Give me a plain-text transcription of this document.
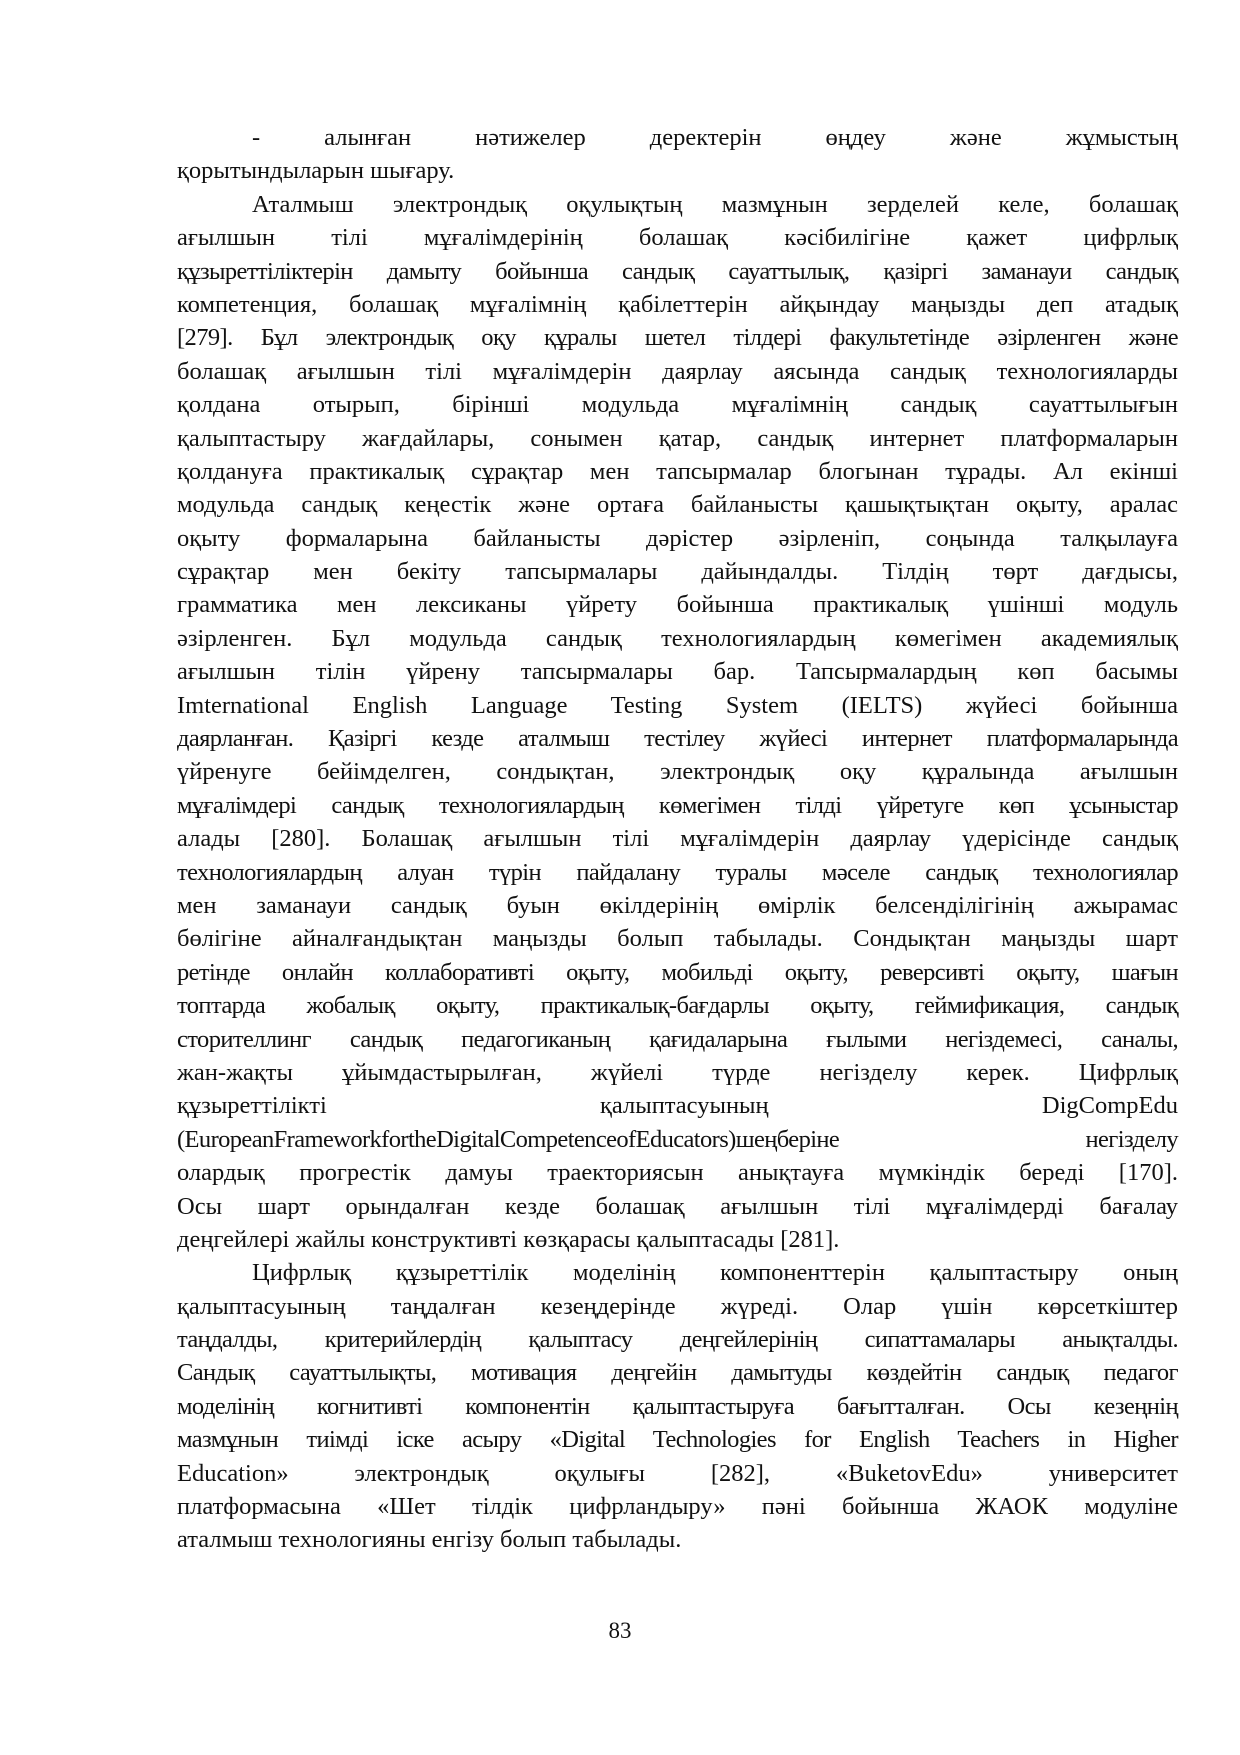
- алынған нәтижелер деректерін өңдеу және жұмыстың
қорытындыларын шығару.
Аталмыш электрондық оқулықтың мазмұнын зерделей келе, болашақ
ағылшын тілі мұғалімдерінің болашақ кәсібилігіне қажет цифрлық
құзыреттіліктерін дамыту бойынша сандық сауаттылық, қазіргі заманауи сандық
компетенция, болашақ мұғалімнің қабілеттерін айқындау маңызды деп атадық
[279]. Бұл электрондық оқу құралы шетел тілдері факультетінде әзірленген және
болашақ ағылшын тілі мұғалімдерін даярлау аясында сандық технологияларды
қолдана отырып, бірінші модульда мұғалімнің сандық сауаттылығын
қалыптастыру жағдайлары, сонымен қатар, сандық интернет платформаларын
қолдануға практикалық сұрақтар мен тапсырмалар блогынан тұрады. Ал екінші
модульда сандық кеңестік және ортаға байланысты қашықтықтан оқыту, аралас
оқыту формаларына байланысты дәрістер әзірленіп, соңында талқылауға
сұрақтар мен бекіту тапсырмалары дайындалды. Тілдің төрт дағдысы,
грамматика мен лексиканы үйрету бойынша практикалық үшінші модуль
әзірленген. Бұл модульда сандық технологиялардың көмегімен академиялық
ағылшын тілін үйрену тапсырмалары бар. Тапсырмалардың көп басымы
Imternational English Language Testing System (IELTS) жүйесі бойынша
даярланған. Қазіргі кезде аталмыш тестілеу жүйесі интернет платформаларында
үйренуге бейімделген, сондықтан, электрондық оқу құралында ағылшын
мұғалімдері сандық технологиялардың көмегімен тілді үйретуге көп ұсыныстар
алады [280]. Болашақ ағылшын тілі мұғалімдерін даярлау үдерісінде сандық
технологиялардың алуан түрін пайдалану туралы мәселе сандық технологиялар
мен заманауи сандық буын өкілдерінің өмірлік белсенділігінің ажырамас
бөлігіне айналғандықтан маңызды болып табылады. Сондықтан маңызды шарт
ретінде онлайн коллаборативті оқыту, мобильді оқыту, реверсивті оқыту, шағын
топтарда жобалық оқыту, практикалық-бағдарлы оқыту, геймификация, сандық
сторителлинг сандық педагогиканың қағидаларына ғылыми негіздемесі, саналы,
жан-жақты ұйымдастырылған, жүйелі түрде негізделу керек. Цифрлық
құзыреттілікті қалыптасуының DigCompEdu
(EuropeanFrameworkfortheDigitalCompetenceofEducators)шеңберіне негізделу
олардық прогрестік дамуы траекториясын анықтауға мүмкіндік береді [170].
Осы шарт орындалған кезде болашақ ағылшын тілі мұғалімдерді бағалау
деңгейлері жайлы конструктивті көзқарасы қалыптасады [281].
Цифрлық құзыреттілік моделінің компоненттерін қалыптастыру оның
қалыптасуының таңдалған кезеңдерінде жүреді. Олар үшін көрсеткіштер
таңдалды, критерийлердің қалыптасу деңгейлерінің сипаттамалары анықталды.
Сандық сауаттылықты, мотивация деңгейін дамытуды көздейтін сандық педагог
моделінің когнитивті компонентін қалыптастыруға бағытталған. Осы кезеңнің
мазмұнын тиімді іске асыру «Digital Technologies for English Teachers in Higher
Education» электрондық оқулығы [282], «BuketovEdu» университет
платформасына «Шет тілдік цифрландыру» пәні бойынша ЖАОК модуліне
аталмыш технологияны енгізу болып табылады.
83
